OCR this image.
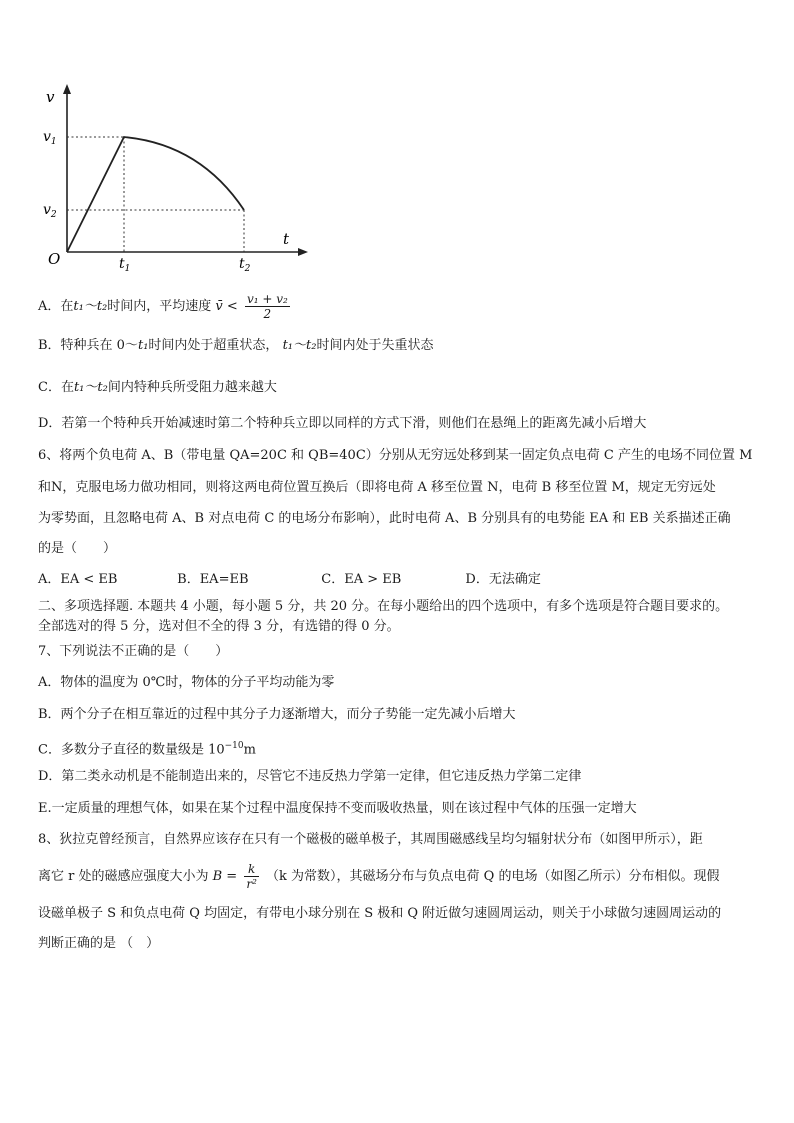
v
t
O
$v_1$
$v_2$
$t_1$	$t_2$
A．在t₁～t₂时间内，平均速度 v̄ < $\frac{\text{v₁ + v₂}}{2}$
B．特种兵在 0～t₁时间内处于超重状态， t₁～t₂时间内处于失重状态
C．在t₁～t₂间内特种兵所受阻力越来越大
D．若第一个特种兵开始减速时第二个特种兵立即以同样的方式下滑，则他们在悬绳上的距离先减小后增大
6、将两个负电荷 A、B（带电量 QA=20C 和 QB=40C）分别从无穷远处移到某一固定负点电荷 C 产生的电场不同位置 M
和N，克服电场力做功相同，则将这两电荷位置互换后（即将电荷 A 移至位置 N，电荷 B 移至位置 M，规定无穷远处
为零势面，且忽略电荷 A、B 对点电荷 C 的电场分布影响），此时电荷 A、B 分别具有的电势能 EA 和 EB 关系描述正确
的是（　　）
A．EA < EB	B．EA=EB	C．EA > EB	D．无法确定
二、多项选择题. 本题共 4 小题，每小题 5 分，共 20 分。在每小题给出的四个选项中，有多个选项是符合题目要求的。
全部选对的得 5 分，选对但不全的得 3 分，有选错的得 0 分。
7、下列说法不正确的是（　　）
A．物体的温度为 0℃时，物体的分子平均动能为零
B．两个分子在相互靠近的过程中其分子力逐渐增大，而分子势能一定先减小后增大
C．多数分子直径的数量级是 $10^{-10}m$
D．第二类永动机是不能制造出来的，尽管它不违反热力学第一定律，但它违反热力学第二定律
E.一定质量的理想气体，如果在某个过程中温度保持不变而吸收热量，则在该过程中气体的压强一定增大
8、狄拉克曾经预言，自然界应该存在只有一个磁极的磁单极子，其周围磁感线呈均匀辐射状分布（如图甲所示），距
离它 r 处的磁感应强度大小为 $B = \frac{k}{\text{r²}} (k$ 为常数），其磁场分布与负点电荷 Q 的电场（如图乙所示）分布相似。现假
设磁单极子 S 和负点电荷 Q 均固定，有带电小球分别在 S 极和 Q 附近做匀速圆周运动，则关于小球做匀速圆周运动的
判断正确的是 （　）
